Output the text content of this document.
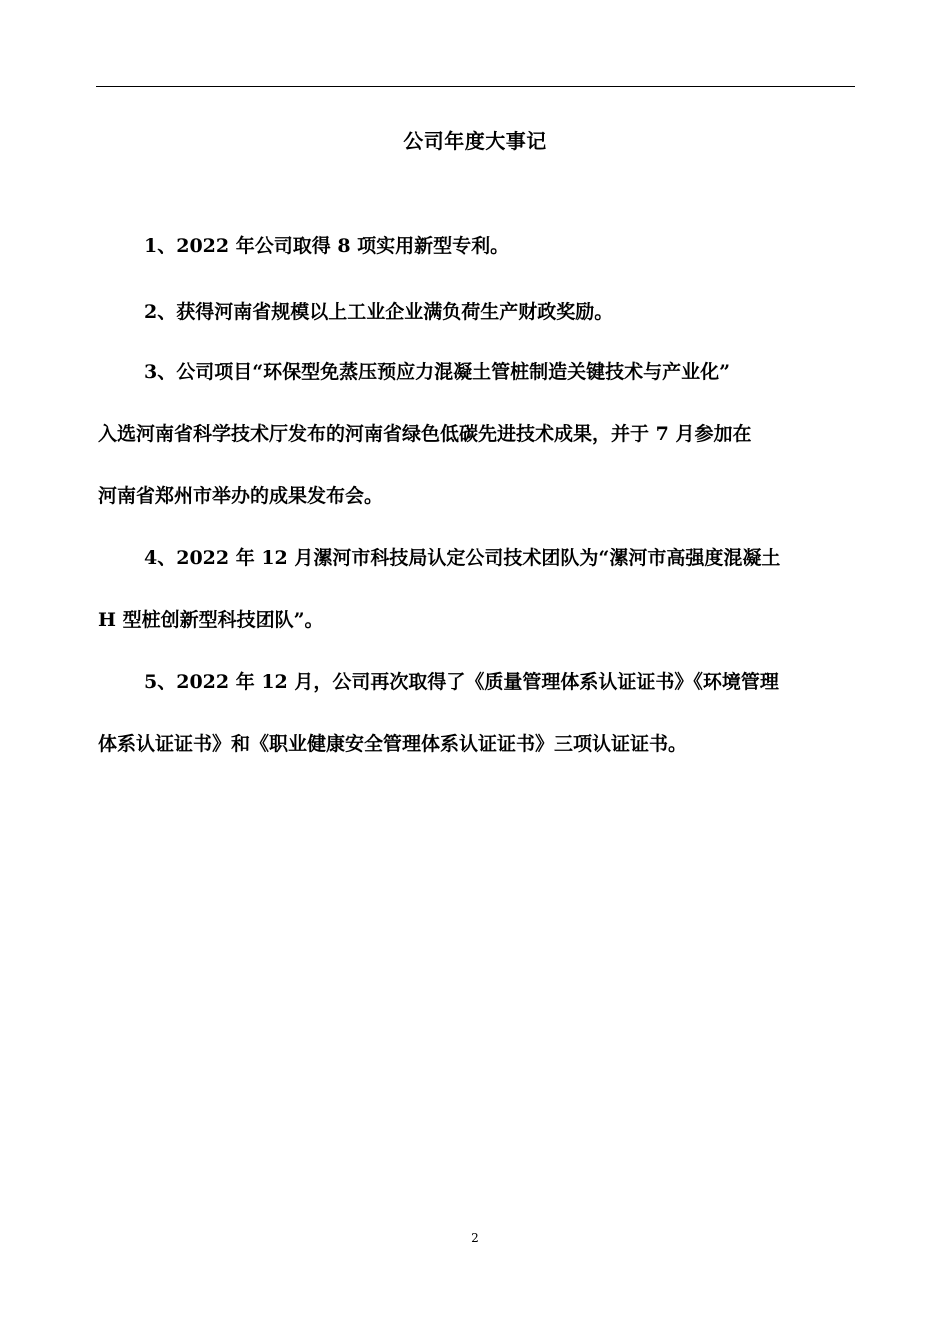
公司年度大事记
1、2022 年公司取得 8 项实用新型专利。
2、获得河南省规模以上工业企业满负荷生产财政奖励。
3、公司项目“环保型免蒸压预应力混凝土管桩制造关键技术与产业化”
入选河南省科学技术厅发布的河南省绿色低碳先进技术成果，并于 7 月参加在
河南省郑州市举办的成果发布会。
4、2022 年 12 月漯河市科技局认定公司技术团队为“漯河市高强度混凝土
H 型桩创新型科技团队”。
5、2022 年 12 月，公司再次取得了《质量管理体系认证证书》《环境管理
体系认证证书》和《职业健康安全管理体系认证证书》三项认证证书。
2
